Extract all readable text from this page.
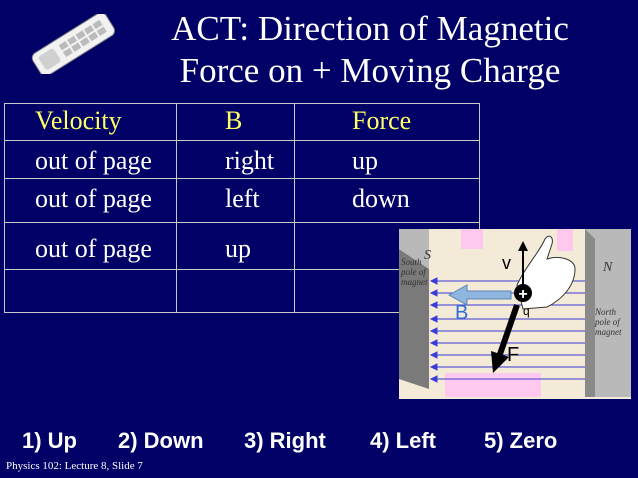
ACT: Direction of Magnetic
Force on + Moving Charge
Velocity	B	Force
out of page	right	up
out of page	left	down
out of page	up
+
S
N
South
pole of
magnet
North
pole of
magnet
v
B	q
F
1) Up 2) Down 3) Right 4) Left 5) Zero
Physics 102: Lecture 8, Slide 7
